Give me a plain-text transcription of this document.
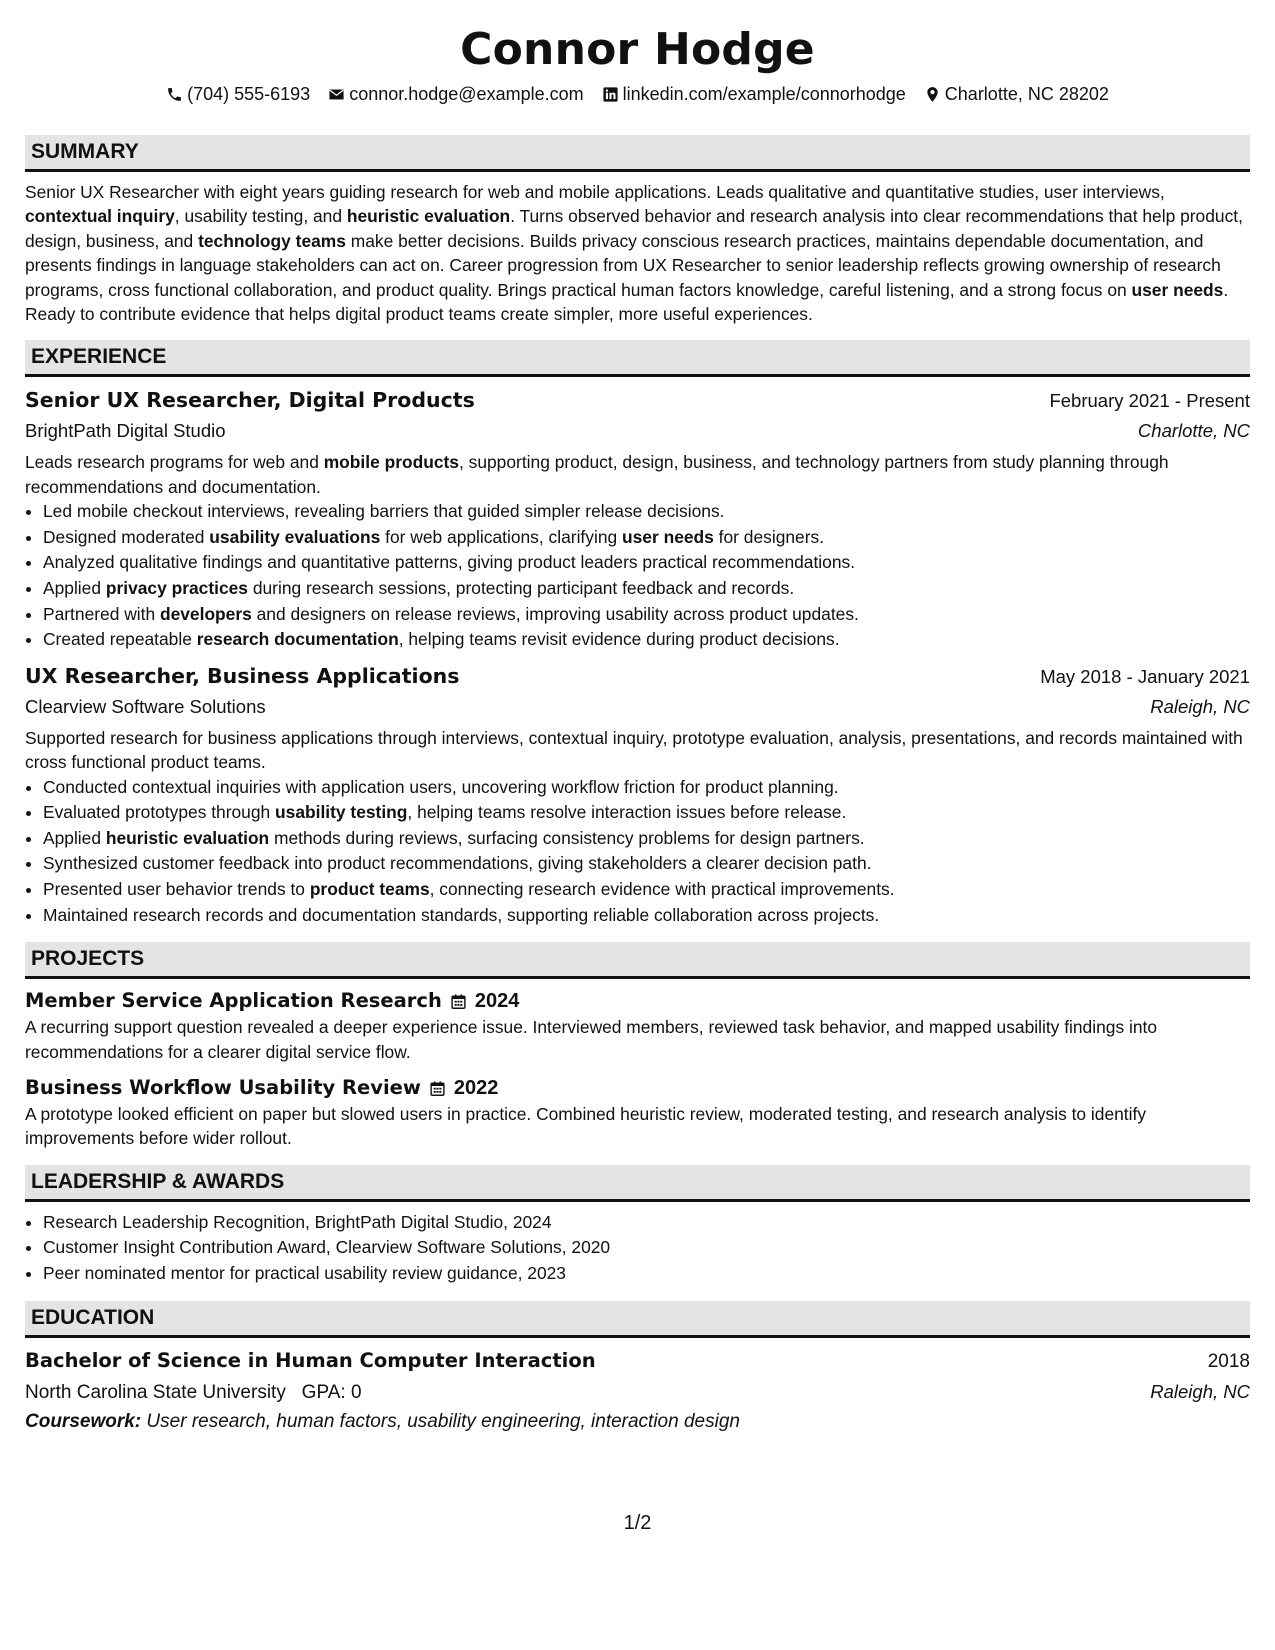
Connor Hodge
(704) 555-6193 connor.hodge@example.com linkedin.com/example/connorhodge Charlotte, NC 28202
SUMMARY

Senior UX Researcher with eight years guiding research for web and mobile applications. Leads qualitative and quantitative studies, user interviews, contextual inquiry, usability testing, and heuristic evaluation. Turns observed behavior and research analysis into clear recommendations that help product, design, business, and technology teams make better decisions. Builds privacy conscious research practices, maintains dependable documentation, and presents findings in language stakeholders can act on. Career progression from UX Researcher to senior leadership reflects growing ownership of research programs, cross functional collaboration, and product quality. Brings practical human factors knowledge, careful listening, and a strong focus on user needs. Ready to contribute evidence that helps digital product teams create simpler, more useful experiences.

EXPERIENCE
Senior UX Researcher, Digital Products	February 2021 - Present
BrightPath Digital Studio	Charlotte, NC

Leads research programs for web and mobile products, supporting product, design, business, and technology partners from study planning through recommendations and documentation.

• Led mobile checkout interviews, revealing barriers that guided simpler release decisions.
• Designed moderated usability evaluations for web applications, clarifying user needs for designers.
• Analyzed qualitative findings and quantitative patterns, giving product leaders practical recommendations.
• Applied privacy practices during research sessions, protecting participant feedback and records.
• Partnered with developers and designers on release reviews, improving usability across product updates.
• Created repeatable research documentation, helping teams revisit evidence during product decisions.
UX Researcher, Business Applications	May 2018 - January 2021
Clearview Software Solutions	Raleigh, NC

Supported research for business applications through interviews, contextual inquiry, prototype evaluation, analysis, presentations, and records maintained with cross functional product teams.

• Conducted contextual inquiries with application users, uncovering workflow friction for product planning.
• Evaluated prototypes through usability testing, helping teams resolve interaction issues before release.
• Applied heuristic evaluation methods during reviews, surfacing consistency problems for design partners.
• Synthesized customer feedback into product recommendations, giving stakeholders a clearer decision path.
• Presented user behavior trends to product teams, connecting research evidence with practical improvements.
• Maintained research records and documentation standards, supporting reliable collaboration across projects.
PROJECTS
Member Service Application Research 2024

A recurring support question revealed a deeper experience issue. Interviewed members, reviewed task behavior, and mapped usability findings into recommendations for a clearer digital service flow.

Business Workflow Usability Review 2022

A prototype looked efficient on paper but slowed users in practice. Combined heuristic review, moderated testing, and research analysis to identify improvements before wider rollout.

LEADERSHIP & AWARDS
• Research Leadership Recognition, BrightPath Digital Studio, 2024
• Customer Insight Contribution Award, Clearview Software Solutions, 2020
• Peer nominated mentor for practical usability review guidance, 2023
EDUCATION
Bachelor of Science in Human Computer Interaction	2018
North Carolina State University GPA: 0	Raleigh, NC
Coursework: User research, human factors, usability engineering, interaction design
1/2
